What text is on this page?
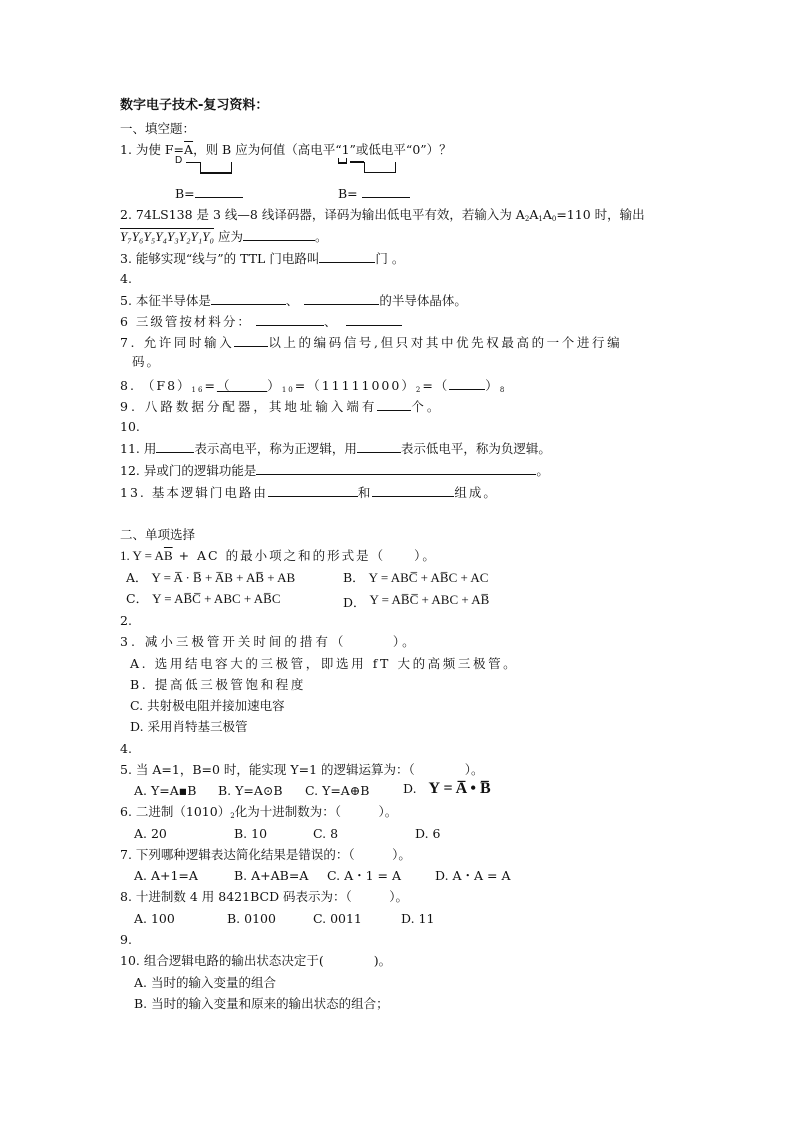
数字电子技术-复习资料：
一、填空题：
1. 为使 $F=\overline{A}$，则 B 应为何值（高电平“1”或低电平“0”）？
D
B=	B=
2. 74LS138 是 3 线—8 线译码器，译码为输出低电平有效，若输入为 $A_2A_1A_0=110$ 时，输出
Y₇Y₆Y₅Y₄Y₃Y₂Y₁Y₀ 应为	。
3. 能够实现“线与”的 TTL 门电路叫	门 。
4.
5. 本征半导体是	、	的半导体晶体。
6 三级管按材料分：	、
7. 允许同时输入	以上的编码信号,但只对其中优先权最高的一个进行编
码。
8. $(F8)_{16}=$（	）$_{10}=(11111000)_2=$（	）$_8$
9. 八路数据分配器，其地址输入端有	个。
10.
11. 用	表示高电平，称为正逻辑，用	表示低电平，称为负逻辑。
12. 异或门的逻辑功能是	。
13. 基本逻辑门电路由	和	组成。
二、单项选择
1. $Y = A\overline{B}$ + AC 的最小项之和的形式是（　　）。
A． Y = A̅ · B̅ + A̅B + AB̅ + AB	B． Y = ABC̅ + AB̅C + AC
C． Y = AB̅C̅ + ABC + AB̅C	D． Y = AB̅C̅ + ABC + AB̅
2.
3. 减小三极管开关时间的措有（　　　）。
A. 选用结电容大的三极管，即选用 fT 大的高频三极管。
B. 提高低三极管饱和程度
C. 共射极电阻并接加速电容
D. 采用肖特基三极管
4.
5. 当 A=1，B=0 时，能实现 Y=1 的逻辑运算为：（　　　　）。
A. Y=A▪B B. Y=A⊙B C. Y=A⊕B	D. Y = A̅ • B̅
6. 二进制$(1010)_2$化为十进制数为：（　　　）。
A. 20	B. 10	C. 8	D. 6
7. 下列哪种逻辑表达简化结果是错误的：（　　　）。
A. A+1=A	B. A+AB=A C. A・1 = A	D. A・A = A
8. 十进制数 4 用 8421BCD 码表示为：（　　　）。
A. 100	B. 0100	C. 0011	D. 11
9.
10. 组合逻辑电路的输出状态决定于(　　　　)。
A. 当时的输入变量的组合
B. 当时的输入变量和原来的输出状态的组合；
